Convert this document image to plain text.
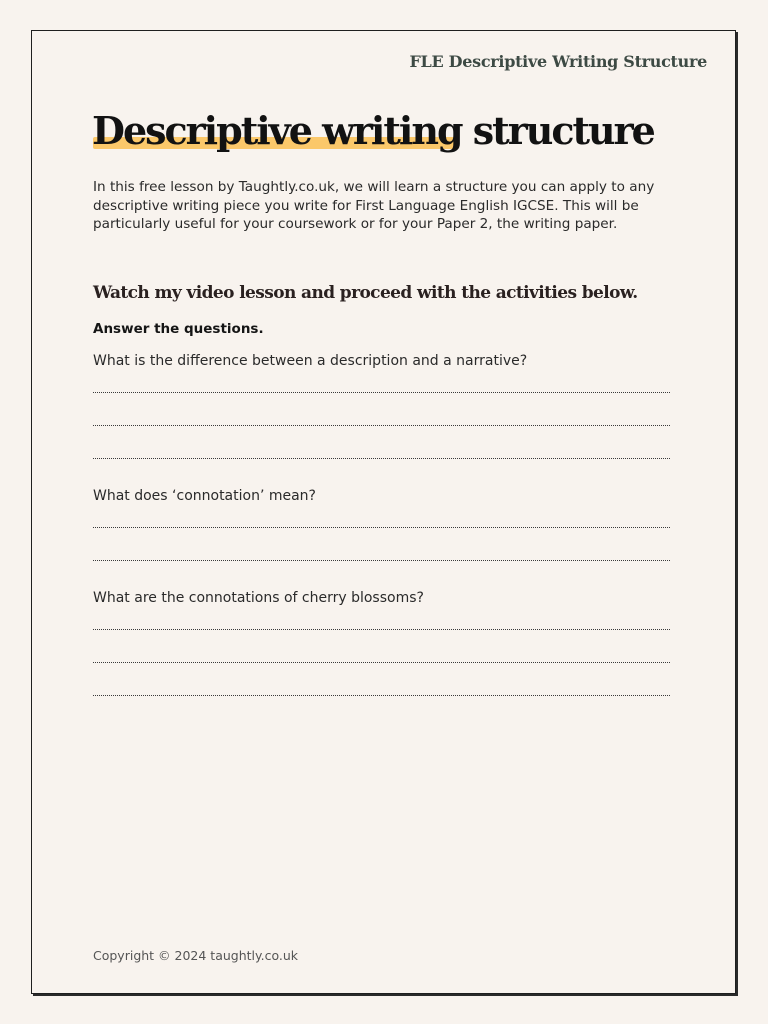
FLE Descriptive Writing Structure
Descriptive writing structure

In this free lesson by Taughtly.co.uk, we will learn a structure you can apply to any descriptive writing piece you write for First Language English IGCSE. This will be particularly useful for your coursework or for your Paper 2, the writing paper.

Watch my video lesson and proceed with the activities below.
Answer the questions.
What is the difference between a description and a narrative?
What does ‘connotation’ mean?
What are the connotations of cherry blossoms?
Copyright © 2024 taughtly.co.uk
